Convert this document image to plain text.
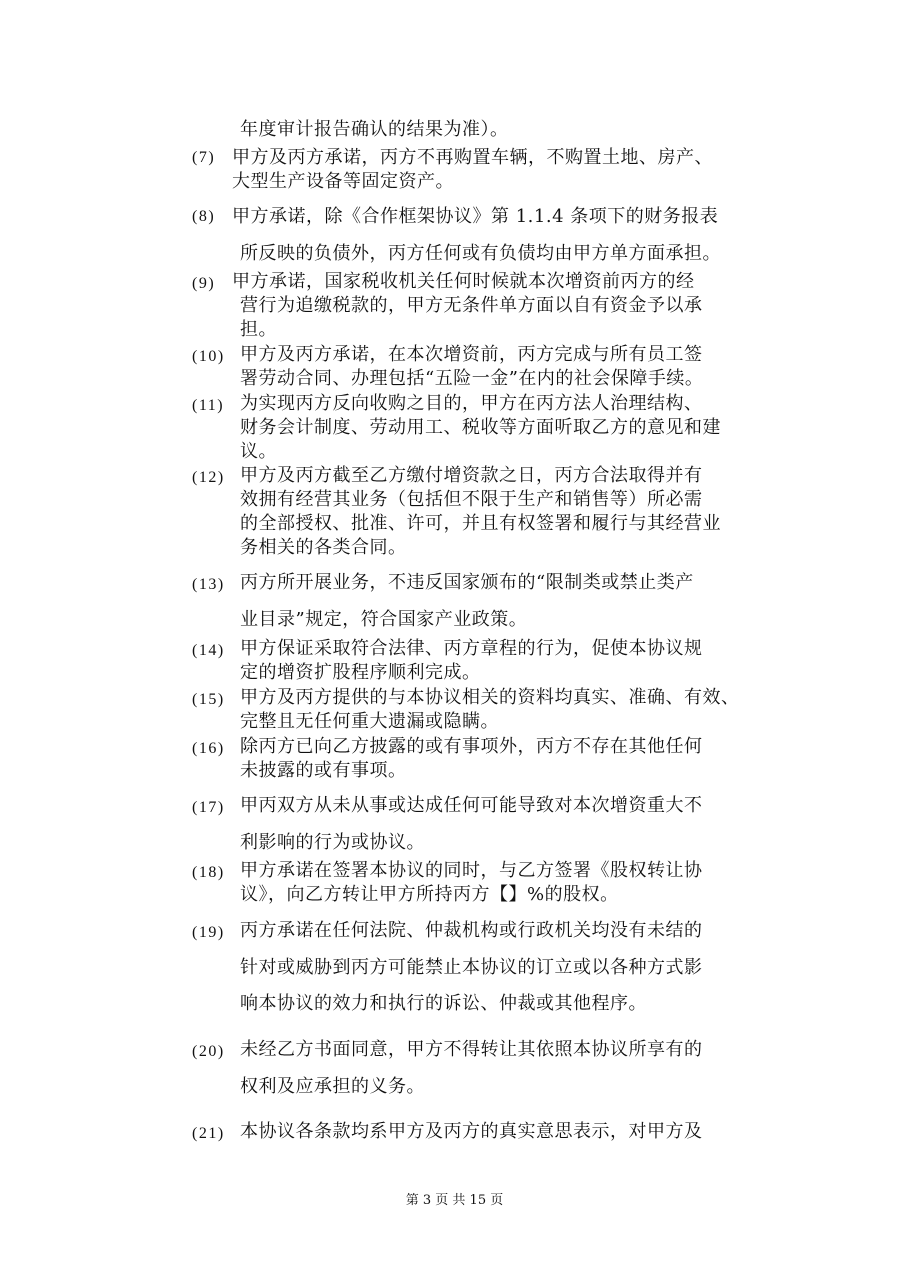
年度审计报告确认的结果为准）。
(7) 甲方及丙方承诺，丙方不再购置车辆，不购置土地、房产、
大型生产设备等固定资产。
(8) 甲方承诺，除《合作框架协议》第 1.1.4 条项下的财务报表
所反映的负债外，丙方任何或有负债均由甲方单方面承担。
(9) 甲方承诺，国家税收机关任何时候就本次增资前丙方的经
营行为追缴税款的，甲方无条件单方面以自有资金予以承
担。
(10) 甲方及丙方承诺，在本次增资前，丙方完成与所有员工签
署劳动合同、办理包括“五险一金”在内的社会保障手续。
(11) 为实现丙方反向收购之目的，甲方在丙方法人治理结构、
财务会计制度、劳动用工、税收等方面听取乙方的意见和建
议。
(12) 甲方及丙方截至乙方缴付增资款之日，丙方合法取得并有
效拥有经营其业务（包括但不限于生产和销售等）所必需
的全部授权、批准、许可，并且有权签署和履行与其经营业
务相关的各类合同。
(13) 丙方所开展业务，不违反国家颁布的“限制类或禁止类产
业目录”规定，符合国家产业政策。
(14) 甲方保证采取符合法律、丙方章程的行为，促使本协议规
定的增资扩股程序顺利完成。
(15) 甲方及丙方提供的与本协议相关的资料均真实、准确、有效、
完整且无任何重大遗漏或隐瞒。
(16) 除丙方已向乙方披露的或有事项外，丙方不存在其他任何
未披露的或有事项。
(17) 甲丙双方从未从事或达成任何可能导致对本次增资重大不
利影响的行为或协议。
(18) 甲方承诺在签署本协议的同时，与乙方签署《股权转让协
议》，向乙方转让甲方所持丙方【】%的股权。
(19) 丙方承诺在任何法院、仲裁机构或行政机关均没有未结的
针对或威胁到丙方可能禁止本协议的订立或以各种方式影
响本协议的效力和执行的诉讼、仲裁或其他程序。
(20) 未经乙方书面同意，甲方不得转让其依照本协议所享有的
权利及应承担的义务。
(21) 本协议各条款均系甲方及丙方的真实意思表示，对甲方及
第 3 页 共 15 页
